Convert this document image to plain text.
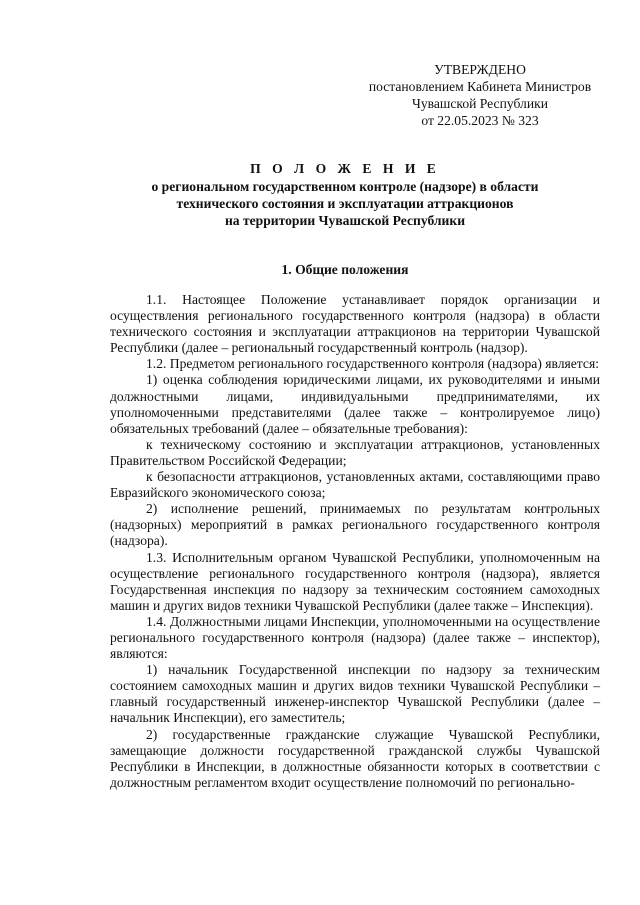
УТВЕРЖДЕНО
постановлением Кабинета Министров
Чувашской Республики
от 22.05.2023 № 323
П О Л О Ж Е Н И Е
о региональном государственном контроле (надзоре) в области
технического состояния и эксплуатации аттракционов
на территории Чувашской Республики
1. Общие положения

1.1. Настоящее Положение устанавливает порядок организации и осуществления регионального государственного контроля (надзора) в области технического состояния и эксплуатации аттракционов на территории Чувашской Республики (далее – региональный государственный контроль (надзор).

1.2. Предметом регионального государственного контроля (надзора) является:

1) оценка соблюдения юридическими лицами, их руководителями и иными должностными лицами, индивидуальными предпринимателями, их уполномоченными представителями (далее также – контролируемое лицо) обязательных требований (далее – обязательные требования):

к техническому состоянию и эксплуатации аттракционов, установленных Правительством Российской Федерации;

к безопасности аттракционов, установленных актами, составляющими право Евразийского экономического союза;

2) исполнение решений, принимаемых по результатам контрольных (надзорных) мероприятий в рамках регионального государственного контроля (надзора).

1.3. Исполнительным органом Чувашской Республики, уполномоченным на осуществление регионального государственного контроля (надзора), является Государственная инспекция по надзору за техническим состоянием самоходных машин и других видов техники Чувашской Республики (далее также – Инспекция).

1.4. Должностными лицами Инспекции, уполномоченными на осуществление регионального государственного контроля (надзора) (далее также – инспектор), являются:

1) начальник Государственной инспекции по надзору за техническим состоянием самоходных машин и других видов техники Чувашской Республики – главный государственный инженер-инспектор Чувашской Республики (далее – начальник Инспекции), его заместитель;

2) государственные гражданские служащие Чувашской Республики, замещающие должности государственной гражданской службы Чувашской Республики в Инспекции, в должностные обязанности которых в соответствии с должностным регламентом входит осуществление полномочий по регионально-
